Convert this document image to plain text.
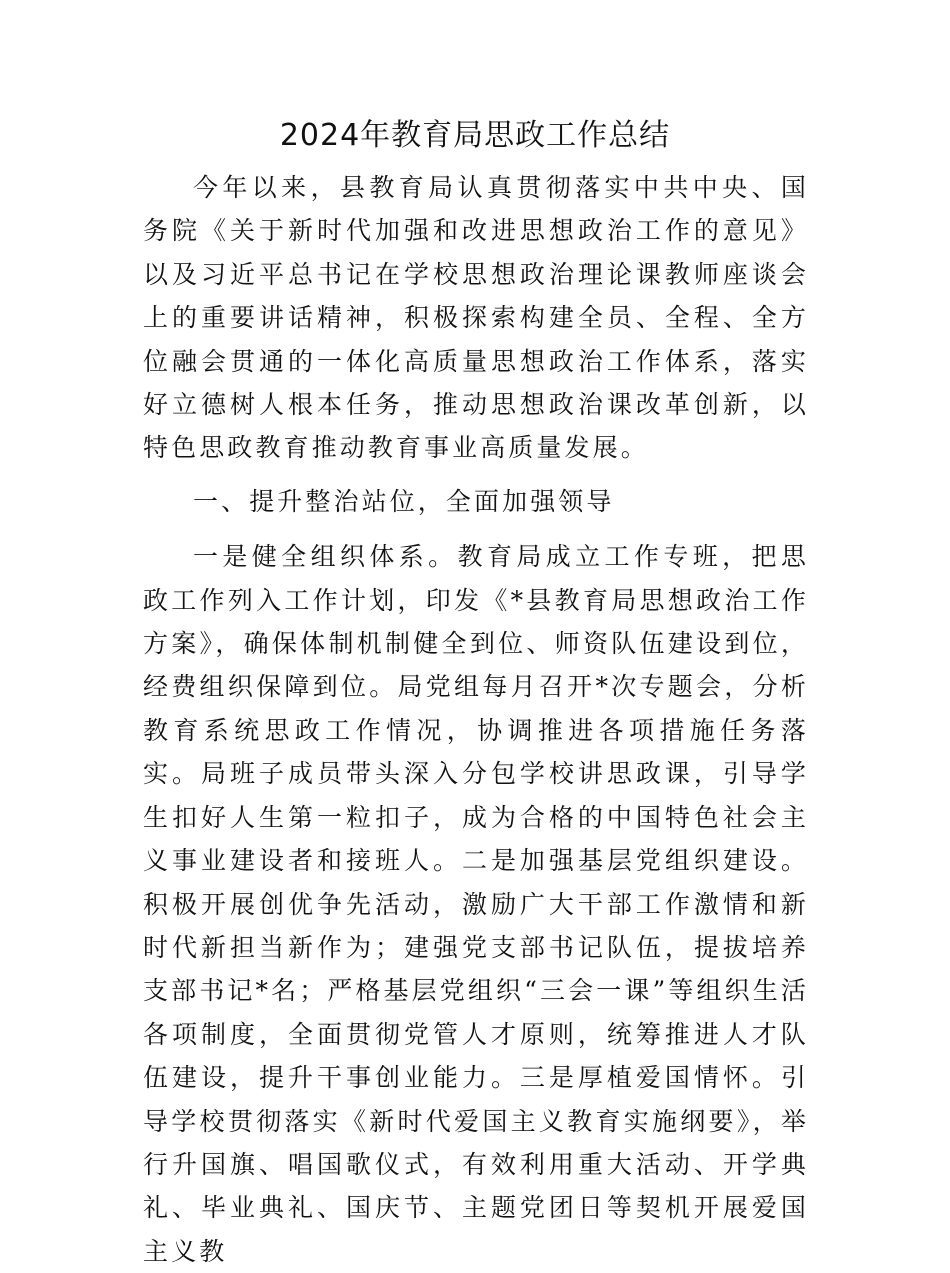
2024年教育局思政工作总结

今年以来，县教育局认真贯彻落实中共中央、国务院《关于新时代加强和改进思想政治工作的意见》以及习近平总书记在学校思想政治理论课教师座谈会上的重要讲话精神，积极探索构建全员、全程、全方位融会贯通的一体化高质量思想政治工作体系，落实好立德树人根本任务，推动思想政治课改革创新，以特色思政教育推动教育事业高质量发展。

一、提升整治站位，全面加强领导

一是健全组织体系。教育局成立工作专班，把思政工作列入工作计划，印发《*县教育局思想政治工作方案》，确保体制机制健全到位、师资队伍建设到位，经费组织保障到位。局党组每月召开*次专题会，分析教育系统思政工作情况，协调推进各项措施任务落实。局班子成员带头深入分包学校讲思政课，引导学生扣好人生第一粒扣子，成为合格的中国特色社会主义事业建设者和接班人。二是加强基层党组织建设。积极开展创优争先活动，激励广大干部工作激情和新时代新担当新作为；建强党支部书记队伍，提拔培养支部书记*名；严格基层党组织“三会一课”等组织生活各项制度，全面贯彻党管人才原则，统筹推进人才队伍建设，提升干事创业能力。三是厚植爱国情怀。引导学校贯彻落实《新时代爱国主义教育实施纲要》，举行升国旗、唱国歌仪式，有效利用重大活动、开学典礼、毕业典礼、国庆节、主题党团日等契机开展爱国主义教
